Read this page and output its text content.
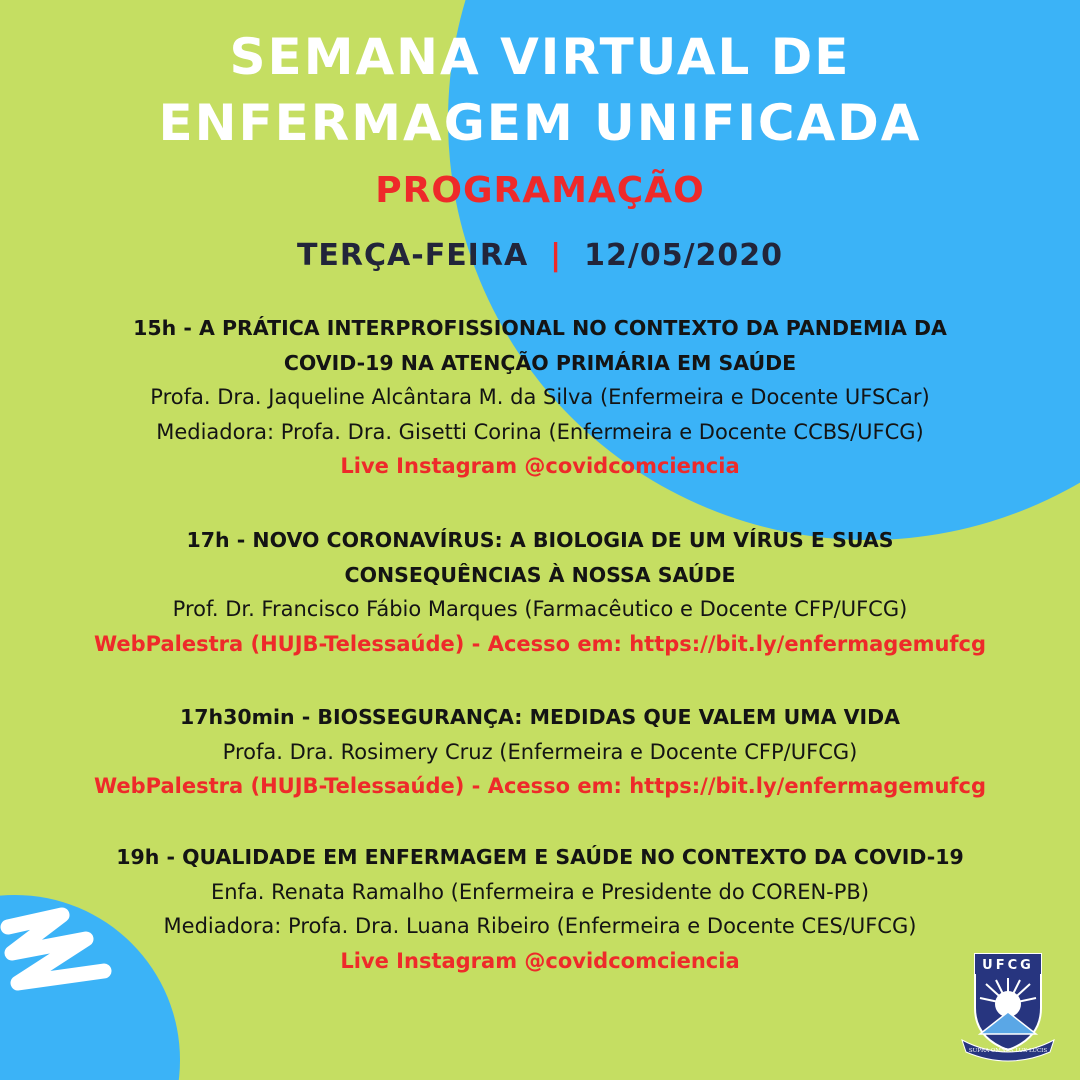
SEMANA VIRTUAL DE
ENFERMAGEM UNIFICADA
PROGRAMAÇÃO
TERÇA-FEIRA | 12/05/2020
15h - A PRÁTICA INTERPROFISSIONAL NO CONTEXTO DA PANDEMIA DA
COVID-19 NA ATENÇÃO PRIMÁRIA EM SAÚDE
Profa. Dra. Jaqueline Alcântara M. da Silva (Enfermeira e Docente UFSCar)
Mediadora: Profa. Dra. Gisetti Corina (Enfermeira e Docente CCBS/UFCG)
Live Instagram @covidcomciencia
17h - NOVO CORONAVÍRUS: A BIOLOGIA DE UM VÍRUS E SUAS
CONSEQUÊNCIAS À NOSSA SAÚDE
Prof. Dr. Francisco Fábio Marques (Farmacêutico e Docente CFP/UFCG)
WebPalestra (HUJB-Telessaúde) - Acesso em: https://bit.ly/enfermagemufcg
17h30min - BIOSSEGURANÇA: MEDIDAS QUE VALEM UMA VIDA
Profa. Dra. Rosimery Cruz (Enfermeira e Docente CFP/UFCG)
WebPalestra (HUJB-Telessaúde) - Acesso em: https://bit.ly/enfermagemufcg
19h - QUALIDADE EM ENFERMAGEM E SAÚDE NO CONTEXTO DA COVID-19
Enfa. Renata Ramalho (Enfermeira e Presidente do COREN-PB)
Mediadora: Profa. Dra. Luana Ribeiro (Enfermeira e Docente CES/UFCG)
Live Instagram @covidcomciencia	UFCG
SUPRA OMNES LUX LUCIS
